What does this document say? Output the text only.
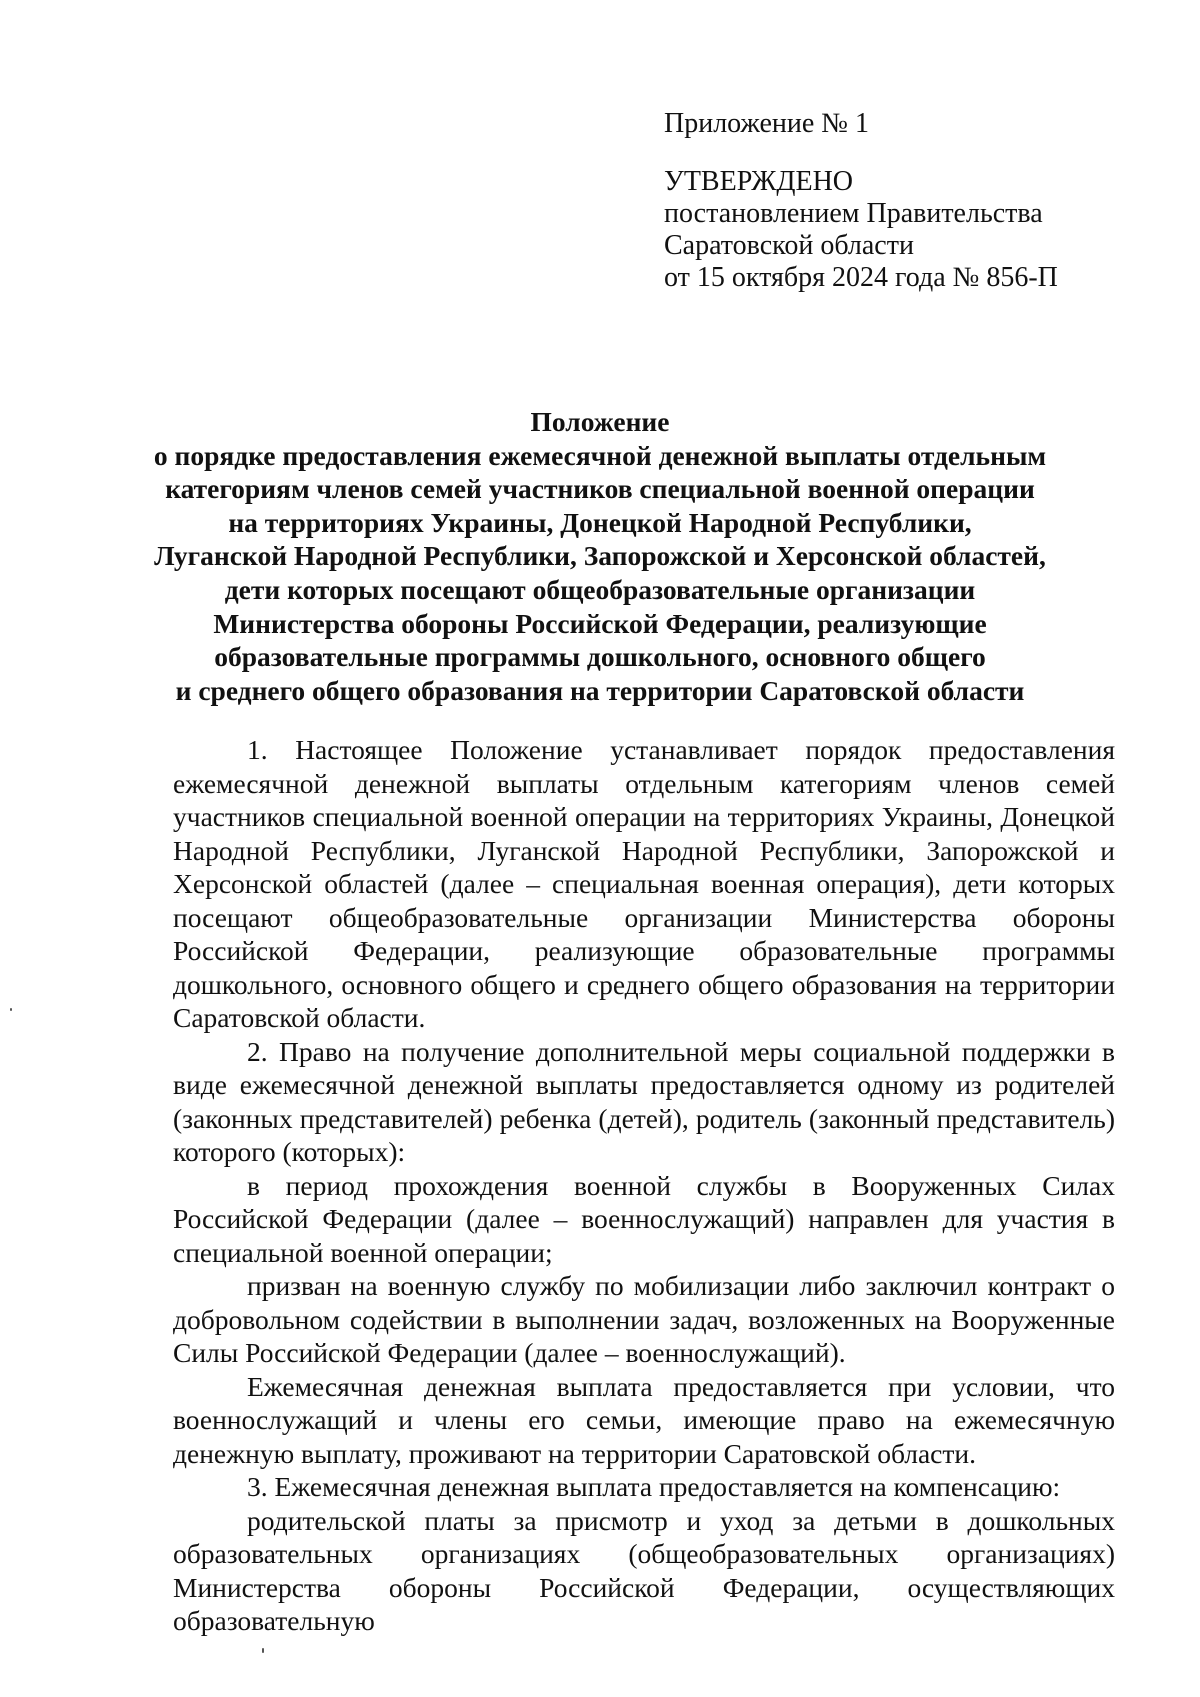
Приложение № 1

УТВЕРЖДЕНО
постановлением Правительства
Саратовской области
от 15 октября 2024 года № 856-П
Положение
о порядке предоставления ежемесячной денежной выплаты отдельным
категориям членов семей участников специальной военной операции
на территориях Украины, Донецкой Народной Республики,
Луганской Народной Республики, Запорожской и Херсонской областей,
дети которых посещают общеобразовательные организации
Министерства обороны Российской Федерации, реализующие
образовательные программы дошкольного, основного общего
и среднего общего образования на территории Саратовской области

1. Настоящее Положение устанавливает порядок предоставления ежемесячной денежной выплаты отдельным категориям членов семей участников специальной военной операции на территориях Украины, Донецкой Народной Республики, Луганской Народной Республики, Запорожской и Херсонской областей (далее – специальная военная операция), дети которых посещают общеобразовательные организации Министерства обороны Российской Федерации, реализующие образовательные программы дошкольного, основного общего и среднего общего образования на территории Саратовской области.

2. Право на получение дополнительной меры социальной поддержки в виде ежемесячной денежной выплаты предоставляется одному из родителей (законных представителей) ребенка (детей), родитель (законный представитель) которого (которых):

в период прохождения военной службы в Вооруженных Силах Российской Федерации (далее – военнослужащий) направлен для участия в специальной военной операции;

призван на военную службу по мобилизации либо заключил контракт о добровольном содействии в выполнении задач, возложенных на Вооруженные Силы Российской Федерации (далее – военнослужащий).

Ежемесячная денежная выплата предоставляется при условии, что военнослужащий и члены его семьи, имеющие право на ежемесячную денежную выплату, проживают на территории Саратовской области.

3. Ежемесячная денежная выплата предоставляется на компенсацию:

родительской платы за присмотр и уход за детьми в дошкольных образовательных организациях (общеобразовательных организациях) Министерства обороны Российской Федерации, осуществляющих образовательную
